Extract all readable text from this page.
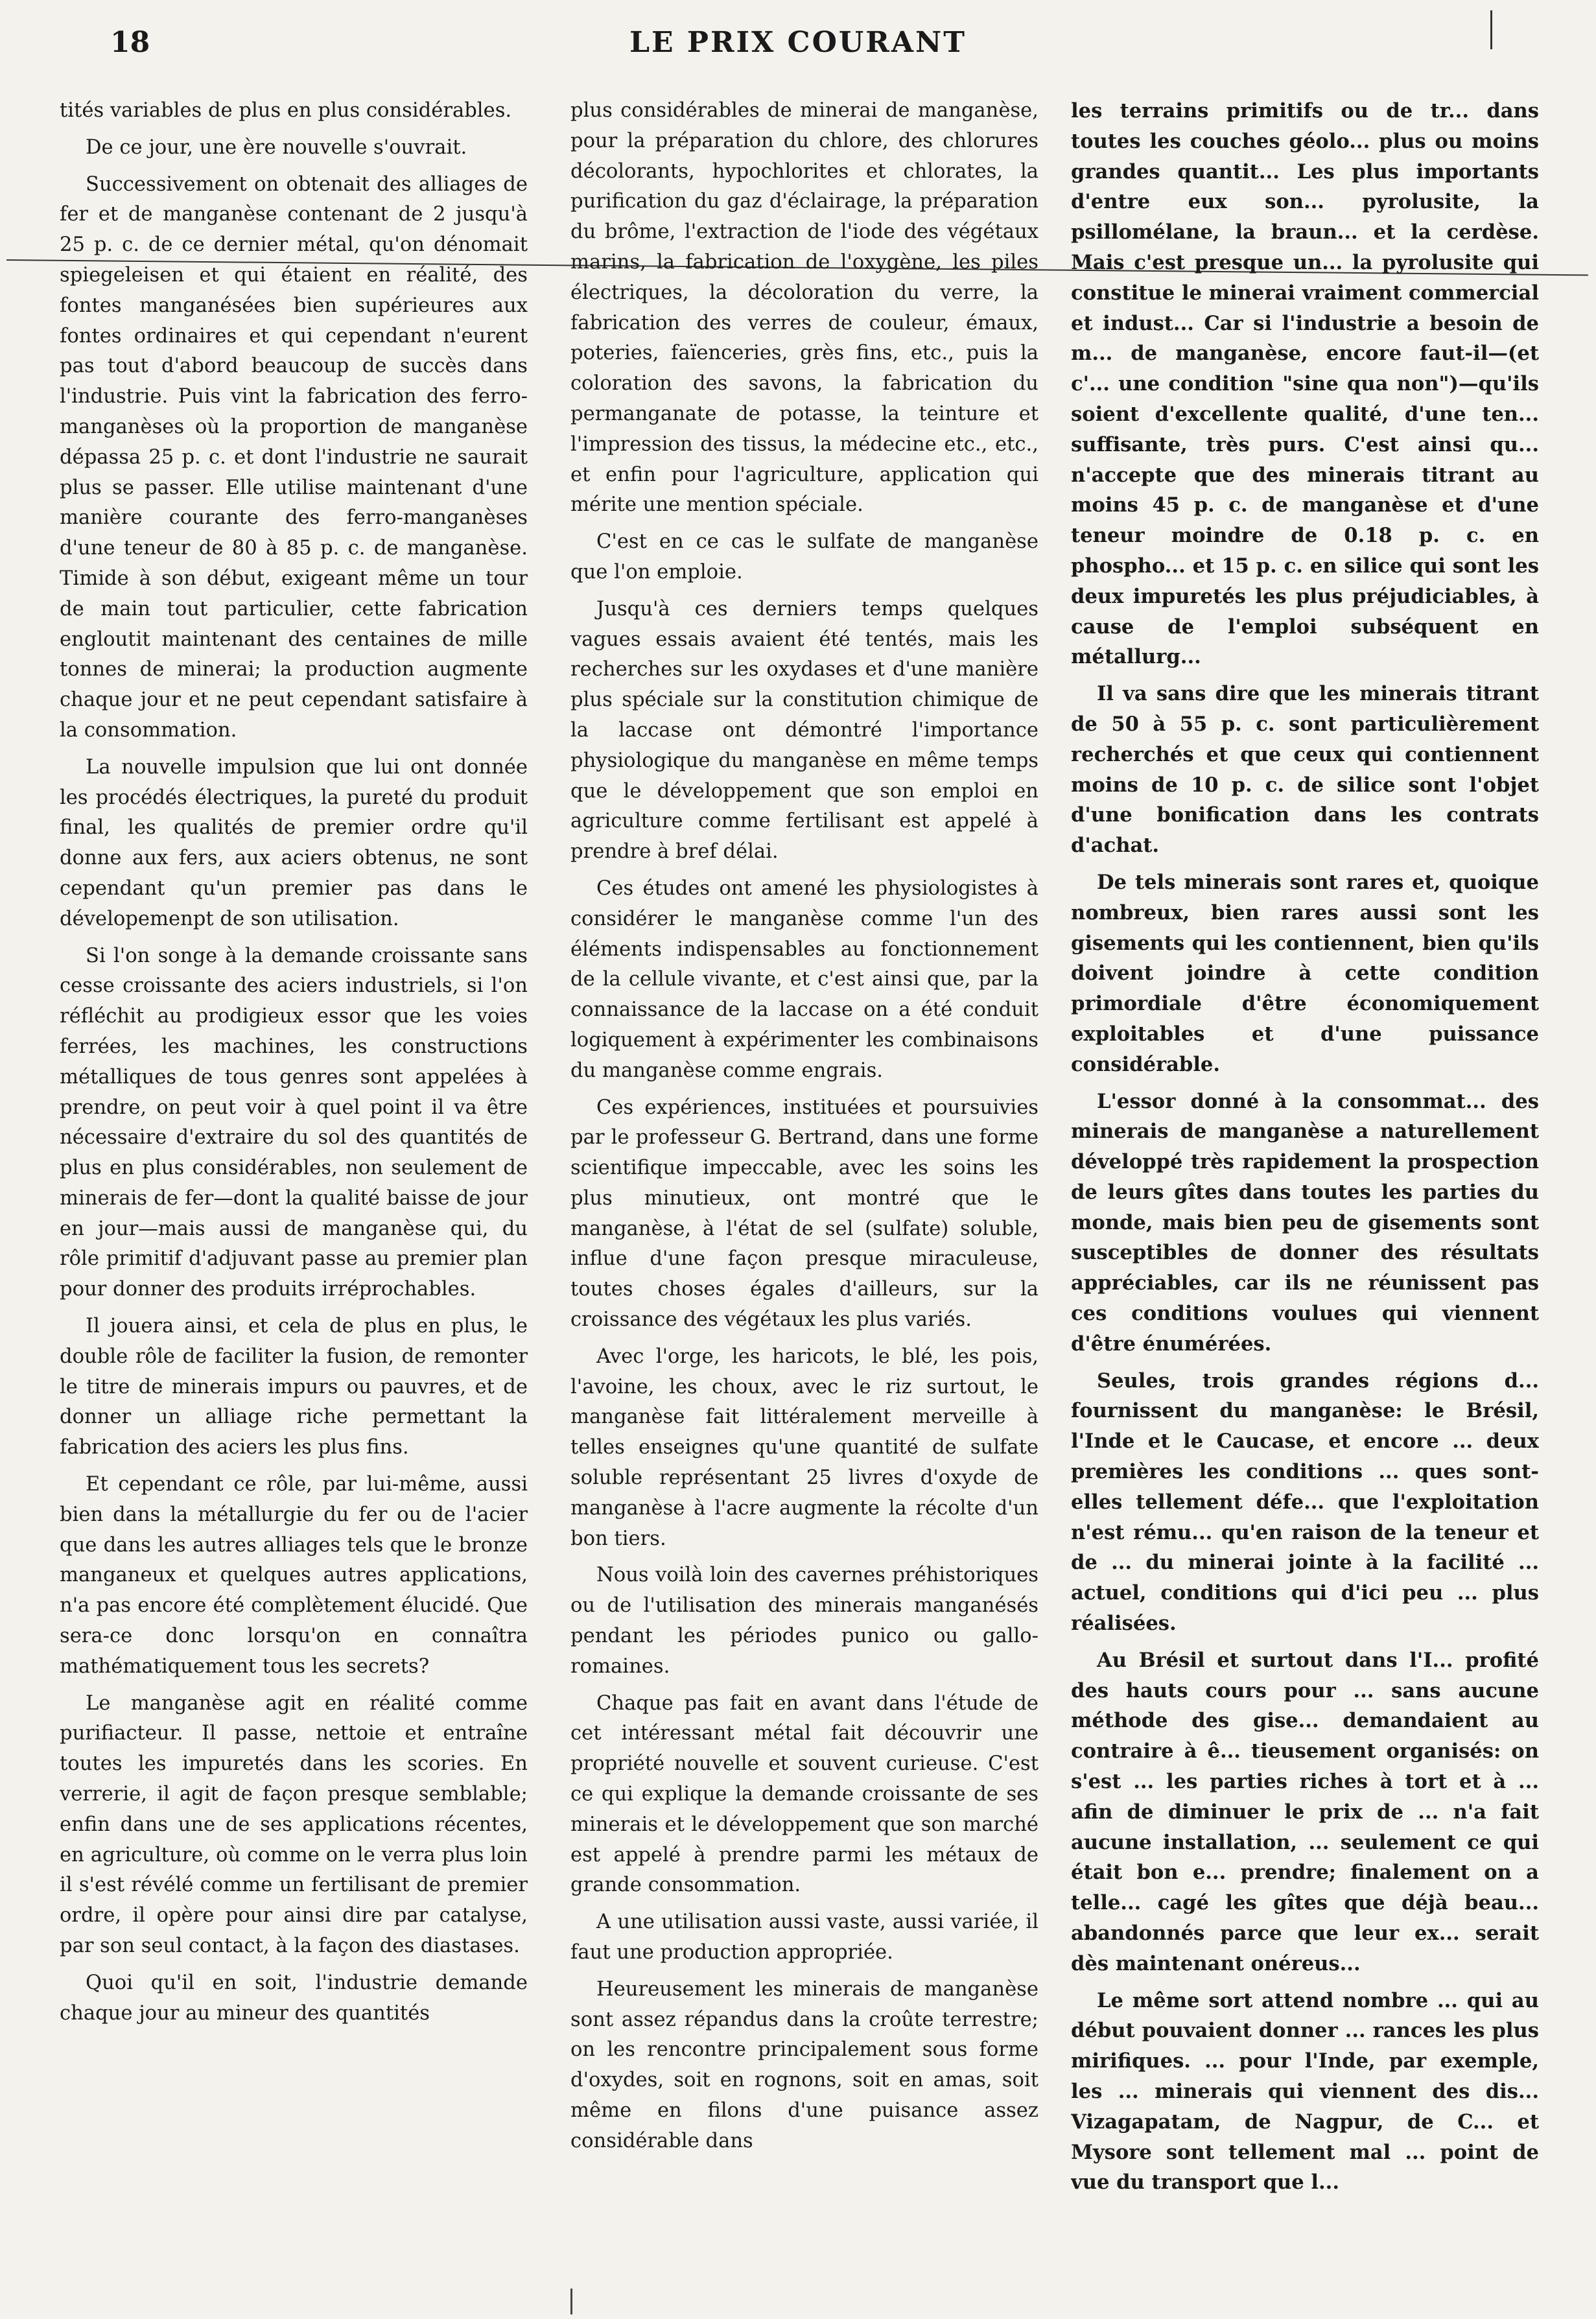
18	LE PRIX COURANT

tités variables de plus en plus considérables.

De ce jour, une ère nouvelle s'ouvrait.

Successivement on obtenait des alliages de fer et de manganèse contenant de 2 jusqu'à 25 p. c. de ce dernier métal, qu'on dénomait spiegeleisen et qui étaient en réalité, des fontes manganésées bien supérieures aux fontes ordinaires et qui cependant n'eurent pas tout d'abord beaucoup de succès dans l'industrie. Puis vint la fabrication des ferro-manganèses où la proportion de manganèse dépassa 25 p. c. et dont l'industrie ne saurait plus se passer. Elle utilise maintenant d'une manière courante des ferro-manganèses d'une teneur de 80 à 85 p. c. de manganèse. Timide à son début, exigeant même un tour de main tout particulier, cette fabrication engloutit maintenant des centaines de mille tonnes de minerai; la production augmente chaque jour et ne peut cependant satisfaire à la consommation.

La nouvelle impulsion que lui ont donnée les procédés électriques, la pureté du produit final, les qualités de premier ordre qu'il donne aux fers, aux aciers obtenus, ne sont cependant qu'un premier pas dans le dévelopemenpt de son utilisation.

Si l'on songe à la demande croissante sans cesse croissante des aciers industriels, si l'on réfléchit au prodigieux essor que les voies ferrées, les machines, les constructions métalliques de tous genres sont appelées à prendre, on peut voir à quel point il va être nécessaire d'extraire du sol des quantités de plus en plus considérables, non seulement de minerais de fer—dont la qualité baisse de jour en jour—mais aussi de manganèse qui, du rôle primitif d'adjuvant passe au premier plan pour donner des produits irréprochables.

Il jouera ainsi, et cela de plus en plus, le double rôle de faciliter la fusion, de remonter le titre de minerais impurs ou pauvres, et de donner un alliage riche permettant la fabrication des aciers les plus fins.

Et cependant ce rôle, par lui-même, aussi bien dans la métallurgie du fer ou de l'acier que dans les autres alliages tels que le bronze manganeux et quelques autres applications, n'a pas encore été complètement élucidé. Que sera-ce donc lorsqu'on en connaîtra mathématiquement tous les secrets?

Le manganèse agit en réalité comme purifiacteur. Il passe, nettoie et entraîne toutes les impuretés dans les scories. En verrerie, il agit de façon presque semblable; enfin dans une de ses applications récentes, en agriculture, où comme on le verra plus loin il s'est révélé comme un fertilisant de premier ordre, il opère pour ainsi dire par catalyse, par son seul contact, à la façon des diastases.

Quoi qu'il en soit, l'industrie demande chaque jour au mineur des quantités

plus considérables de minerai de manganèse, pour la préparation du chlore, des chlorures décolorants, hypochlorites et chlorates, la purification du gaz d'éclairage, la préparation du brôme, l'extraction de l'iode des végétaux marins, la fabrication de l'oxygène, les piles électriques, la décoloration du verre, la fabrication des verres de couleur, émaux, poteries, faïenceries, grès fins, etc., puis la coloration des savons, la fabrication du permanganate de potasse, la teinture et l'impression des tissus, la médecine etc., etc., et enfin pour l'agriculture, application qui mérite une mention spéciale.

C'est en ce cas le sulfate de manganèse que l'on emploie.

Jusqu'à ces derniers temps quelques vagues essais avaient été tentés, mais les recherches sur les oxydases et d'une manière plus spéciale sur la constitution chimique de la laccase ont démontré l'importance physiologique du manganèse en même temps que le développement que son emploi en agriculture comme fertilisant est appelé à prendre à bref délai.

Ces études ont amené les physiologistes à considérer le manganèse comme l'un des éléments indispensables au fonctionnement de la cellule vivante, et c'est ainsi que, par la connaissance de la laccase on a été conduit logiquement à expérimenter les combinaisons du manganèse comme engrais.

Ces expériences, instituées et poursuivies par le professeur G. Bertrand, dans une forme scientifique impeccable, avec les soins les plus minutieux, ont montré que le manganèse, à l'état de sel (sulfate) soluble, influe d'une façon presque miraculeuse, toutes choses égales d'ailleurs, sur la croissance des végétaux les plus variés.

Avec l'orge, les haricots, le blé, les pois, l'avoine, les choux, avec le riz surtout, le manganèse fait littéralement merveille à telles enseignes qu'une quantité de sulfate soluble représentant 25 livres d'oxyde de manganèse à l'acre augmente la récolte d'un bon tiers.

Nous voilà loin des cavernes préhistoriques ou de l'utilisation des minerais manganésés pendant les périodes punico ou gallo-romaines.

Chaque pas fait en avant dans l'étude de cet intéressant métal fait découvrir une propriété nouvelle et souvent curieuse. C'est ce qui explique la demande croissante de ses minerais et le développement que son marché est appelé à prendre parmi les métaux de grande consommation.

A une utilisation aussi vaste, aussi variée, il faut une production appropriée.

Heureusement les minerais de manganèse sont assez répandus dans la croûte terrestre; on les rencontre principalement sous forme d'oxydes, soit en rognons, soit en amas, soit même en filons d'une puisance assez considérable dans

les terrains primitifs ou de tr... dans toutes les couches géolo... plus ou moins grandes quantit... Les plus importants d'entre eux son... pyrolusite, la psillomélane, la braun... et la cerdèse. Mais c'est presque un... la pyrolusite qui constitue le minerai vraiment commercial et indust... Car si l'industrie a besoin de m... de manganèse, encore faut-il—(et c'... une condition "sine qua non")—qu'ils soient d'excellente qualité, d'une ten... suffisante, très purs. C'est ainsi qu... n'accepte que des minerais titrant au moins 45 p. c. de manganèse et d'une teneur moindre de 0.18 p. c. en phospho... et 15 p. c. en silice qui sont les deux impuretés les plus préjudiciables, à cause de l'emploi subséquent en métallurg...

Il va sans dire que les minerais titrant de 50 à 55 p. c. sont particulièrement recherchés et que ceux qui contiennent moins de 10 p. c. de silice sont l'objet d'une bonification dans les contrats d'achat.

De tels minerais sont rares et, quoique nombreux, bien rares aussi sont les gisements qui les contiennent, bien qu'ils doivent joindre à cette condition primordiale d'être économiquement exploitables et d'une puissance considérable.

L'essor donné à la consommat... des minerais de manganèse a naturellement développé très rapidement la prospection de leurs gîtes dans toutes les parties du monde, mais bien peu de gisements sont susceptibles de donner des résultats appréciables, car ils ne réunissent pas ces conditions voulues qui viennent d'être énumérées.

Seules, trois grandes régions d... fournissent du manganèse: le Brésil, l'Inde et le Caucase, et encore ... deux premières les conditions ... ques sont-elles tellement défe... que l'exploitation n'est rému... qu'en raison de la teneur et de ... du minerai jointe à la facilité ... actuel, conditions qui d'ici peu ... plus réalisées.

Au Brésil et surtout dans l'I... profité des hauts cours pour ... sans aucune méthode des gise... demandaient au contraire à ê... tieusement organisés: on s'est ... les parties riches à tort et à ... afin de diminuer le prix de ... n'a fait aucune installation, ... seulement ce qui était bon e... prendre; finalement on a telle... cagé les gîtes que déjà beau... abandonnés parce que leur ex... serait dès maintenant onéreus...

Le même sort attend nombre ... qui au début pouvaient donner ... rances les plus mirifiques. ... pour l'Inde, par exemple, les ... minerais qui viennent des dis... Vizagapatam, de Nagpur, de C... et Mysore sont tellement mal ... point de vue du transport que l...
